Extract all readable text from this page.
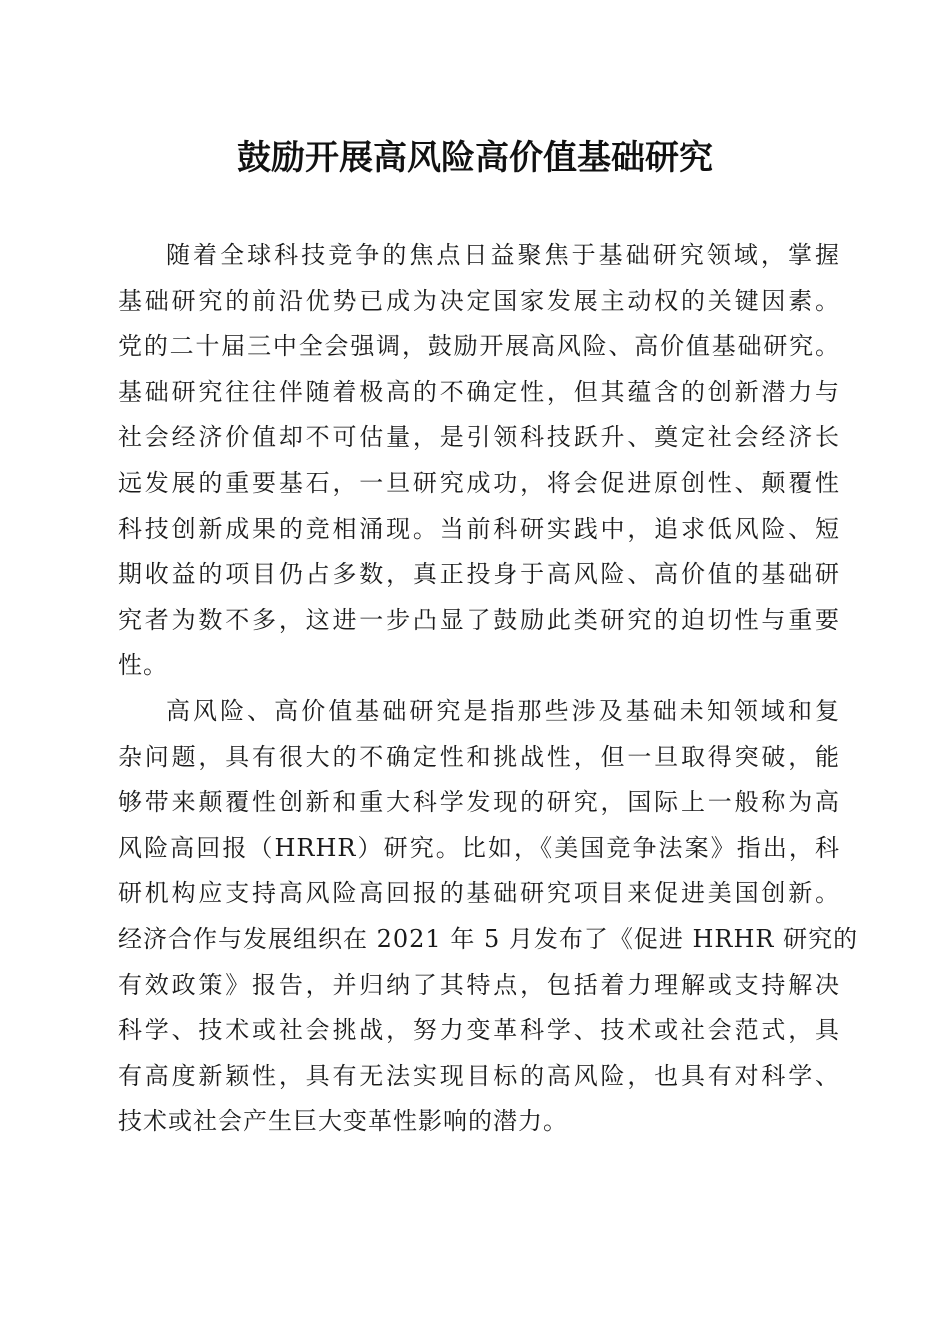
鼓励开展高风险高价值基础研究
随着全球科技竞争的焦点日益聚焦于基础研究领域，掌握
基础研究的前沿优势已成为决定国家发展主动权的关键因素。
党的二十届三中全会强调，鼓励开展高风险、高价值基础研究。
基础研究往往伴随着极高的不确定性，但其蕴含的创新潜力与
社会经济价值却不可估量，是引领科技跃升、奠定社会经济长
远发展的重要基石，一旦研究成功，将会促进原创性、颠覆性
科技创新成果的竞相涌现。当前科研实践中，追求低风险、短
期收益的项目仍占多数，真正投身于高风险、高价值的基础研
究者为数不多，这进一步凸显了鼓励此类研究的迫切性与重要
性。
高风险、高价值基础研究是指那些涉及基础未知领域和复
杂问题，具有很大的不确定性和挑战性，但一旦取得突破，能
够带来颠覆性创新和重大科学发现的研究，国际上一般称为高
风险高回报（HRHR）研究。比如，《美国竞争法案》指出，科
研机构应支持高风险高回报的基础研究项目来促进美国创新。
经济合作与发展组织在 2021 年 5 月发布了《促进 HRHR 研究的
有效政策》报告，并归纳了其特点，包括着力理解或支持解决
科学、技术或社会挑战，努力变革科学、技术或社会范式，具
有高度新颖性，具有无法实现目标的高风险，也具有对科学、
技术或社会产生巨大变革性影响的潜力。
